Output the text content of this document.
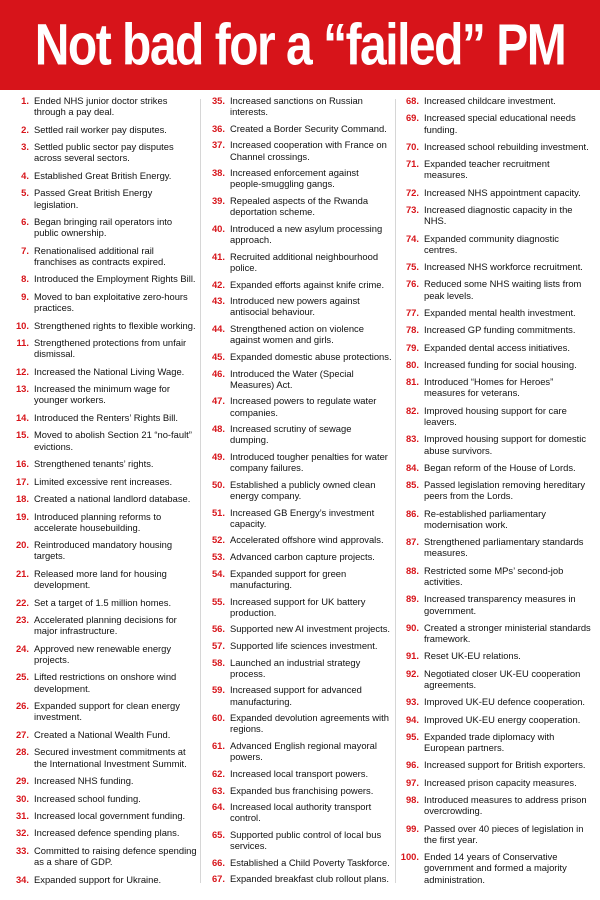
Not bad for a “failed” PM
1. Ended NHS junior doctor strikes through a pay deal.
2. Settled rail worker pay disputes.
3. Settled public sector pay disputes across several sectors.
4. Established Great British Energy.
5. Passed Great British Energy legislation.
6. Began bringing rail operators into public ownership.
7. Renationalised additional rail franchises as contracts expired.
8. Introduced the Employment Rights Bill.
9. Moved to ban exploitative zero-hours practices.
10. Strengthened rights to flexible working.
11. Strengthened protections from unfair dismissal.
12. Increased the National Living Wage.
13. Increased the minimum wage for younger workers.
14. Introduced the Renters’ Rights Bill.
15. Moved to abolish Section 21 “no-fault” evictions.
16. Strengthened tenants’ rights.
17. Limited excessive rent increases.
18. Created a national landlord database.
19. Introduced planning reforms to accelerate housebuilding.
20. Reintroduced mandatory housing targets.
21. Released more land for housing development.
22. Set a target of 1.5 million homes.
23. Accelerated planning decisions for major infrastructure.
24. Approved new renewable energy projects.
25. Lifted restrictions on onshore wind development.
26. Expanded support for clean energy investment.
27. Created a National Wealth Fund.
28. Secured investment commitments at the International Investment Summit.
29. Increased NHS funding.
30. Increased school funding.
31. Increased local government funding.
32. Increased defence spending plans.
33. Committed to raising defence spending as a share of GDP.
34. Expanded support for Ukraine.
35. Increased sanctions on Russian interests.
36. Created a Border Security Command.
37. Increased cooperation with France on Channel crossings.
38. Increased enforcement against people-smuggling gangs.
39. Repealed aspects of the Rwanda deportation scheme.
40. Introduced a new asylum processing approach.
41. Recruited additional neighbourhood police.
42. Expanded efforts against knife crime.
43. Introduced new powers against antisocial behaviour.
44. Strengthened action on violence against women and girls.
45. Expanded domestic abuse protections.
46. Introduced the Water (Special Measures) Act.
47. Increased powers to regulate water companies.
48. Increased scrutiny of sewage dumping.
49. Introduced tougher penalties for water company failures.
50. Established a publicly owned clean energy company.
51. Increased GB Energy’s investment capacity.
52. Accelerated offshore wind approvals.
53. Advanced carbon capture projects.
54. Expanded support for green manufacturing.
55. Increased support for UK battery production.
56. Supported new AI investment projects.
57. Supported life sciences investment.
58. Launched an industrial strategy process.
59. Increased support for advanced manufacturing.
60. Expanded devolution agreements with regions.
61. Advanced English regional mayoral powers.
62. Increased local transport powers.
63. Expanded bus franchising powers.
64. Increased local authority transport control.
65. Supported public control of local bus services.
66. Established a Child Poverty Taskforce.
67. Expanded breakfast club rollout plans.
68. Increased childcare investment.
69. Increased special educational needs funding.
70. Increased school rebuilding investment.
71. Expanded teacher recruitment measures.
72. Increased NHS appointment capacity.
73. Increased diagnostic capacity in the NHS.
74. Expanded community diagnostic centres.
75. Increased NHS workforce recruitment.
76. Reduced some NHS waiting lists from peak levels.
77. Expanded mental health investment.
78. Increased GP funding commitments.
79. Expanded dental access initiatives.
80. Increased funding for social housing.
81. Introduced “Homes for Heroes” measures for veterans.
82. Improved housing support for care leavers.
83. Improved housing support for domestic abuse survivors.
84. Began reform of the House of Lords.
85. Passed legislation removing hereditary peers from the Lords.
86. Re-established parliamentary modernisation work.
87. Strengthened parliamentary standards measures.
88. Restricted some MPs’ second-job activities.
89. Increased transparency measures in government.
90. Created a stronger ministerial standards framework.
91. Reset UK-EU relations.
92. Negotiated closer UK-EU cooperation agreements.
93. Improved UK-EU defence cooperation.
94. Improved UK-EU energy cooperation.
95. Expanded trade diplomacy with European partners.
96. Increased support for British exporters.
97. Increased prison capacity measures.
98. Introduced measures to address prison overcrowding.
99. Passed over 40 pieces of legislation in the first year.
100. Ended 14 years of Conservative government and formed a majority administration.
